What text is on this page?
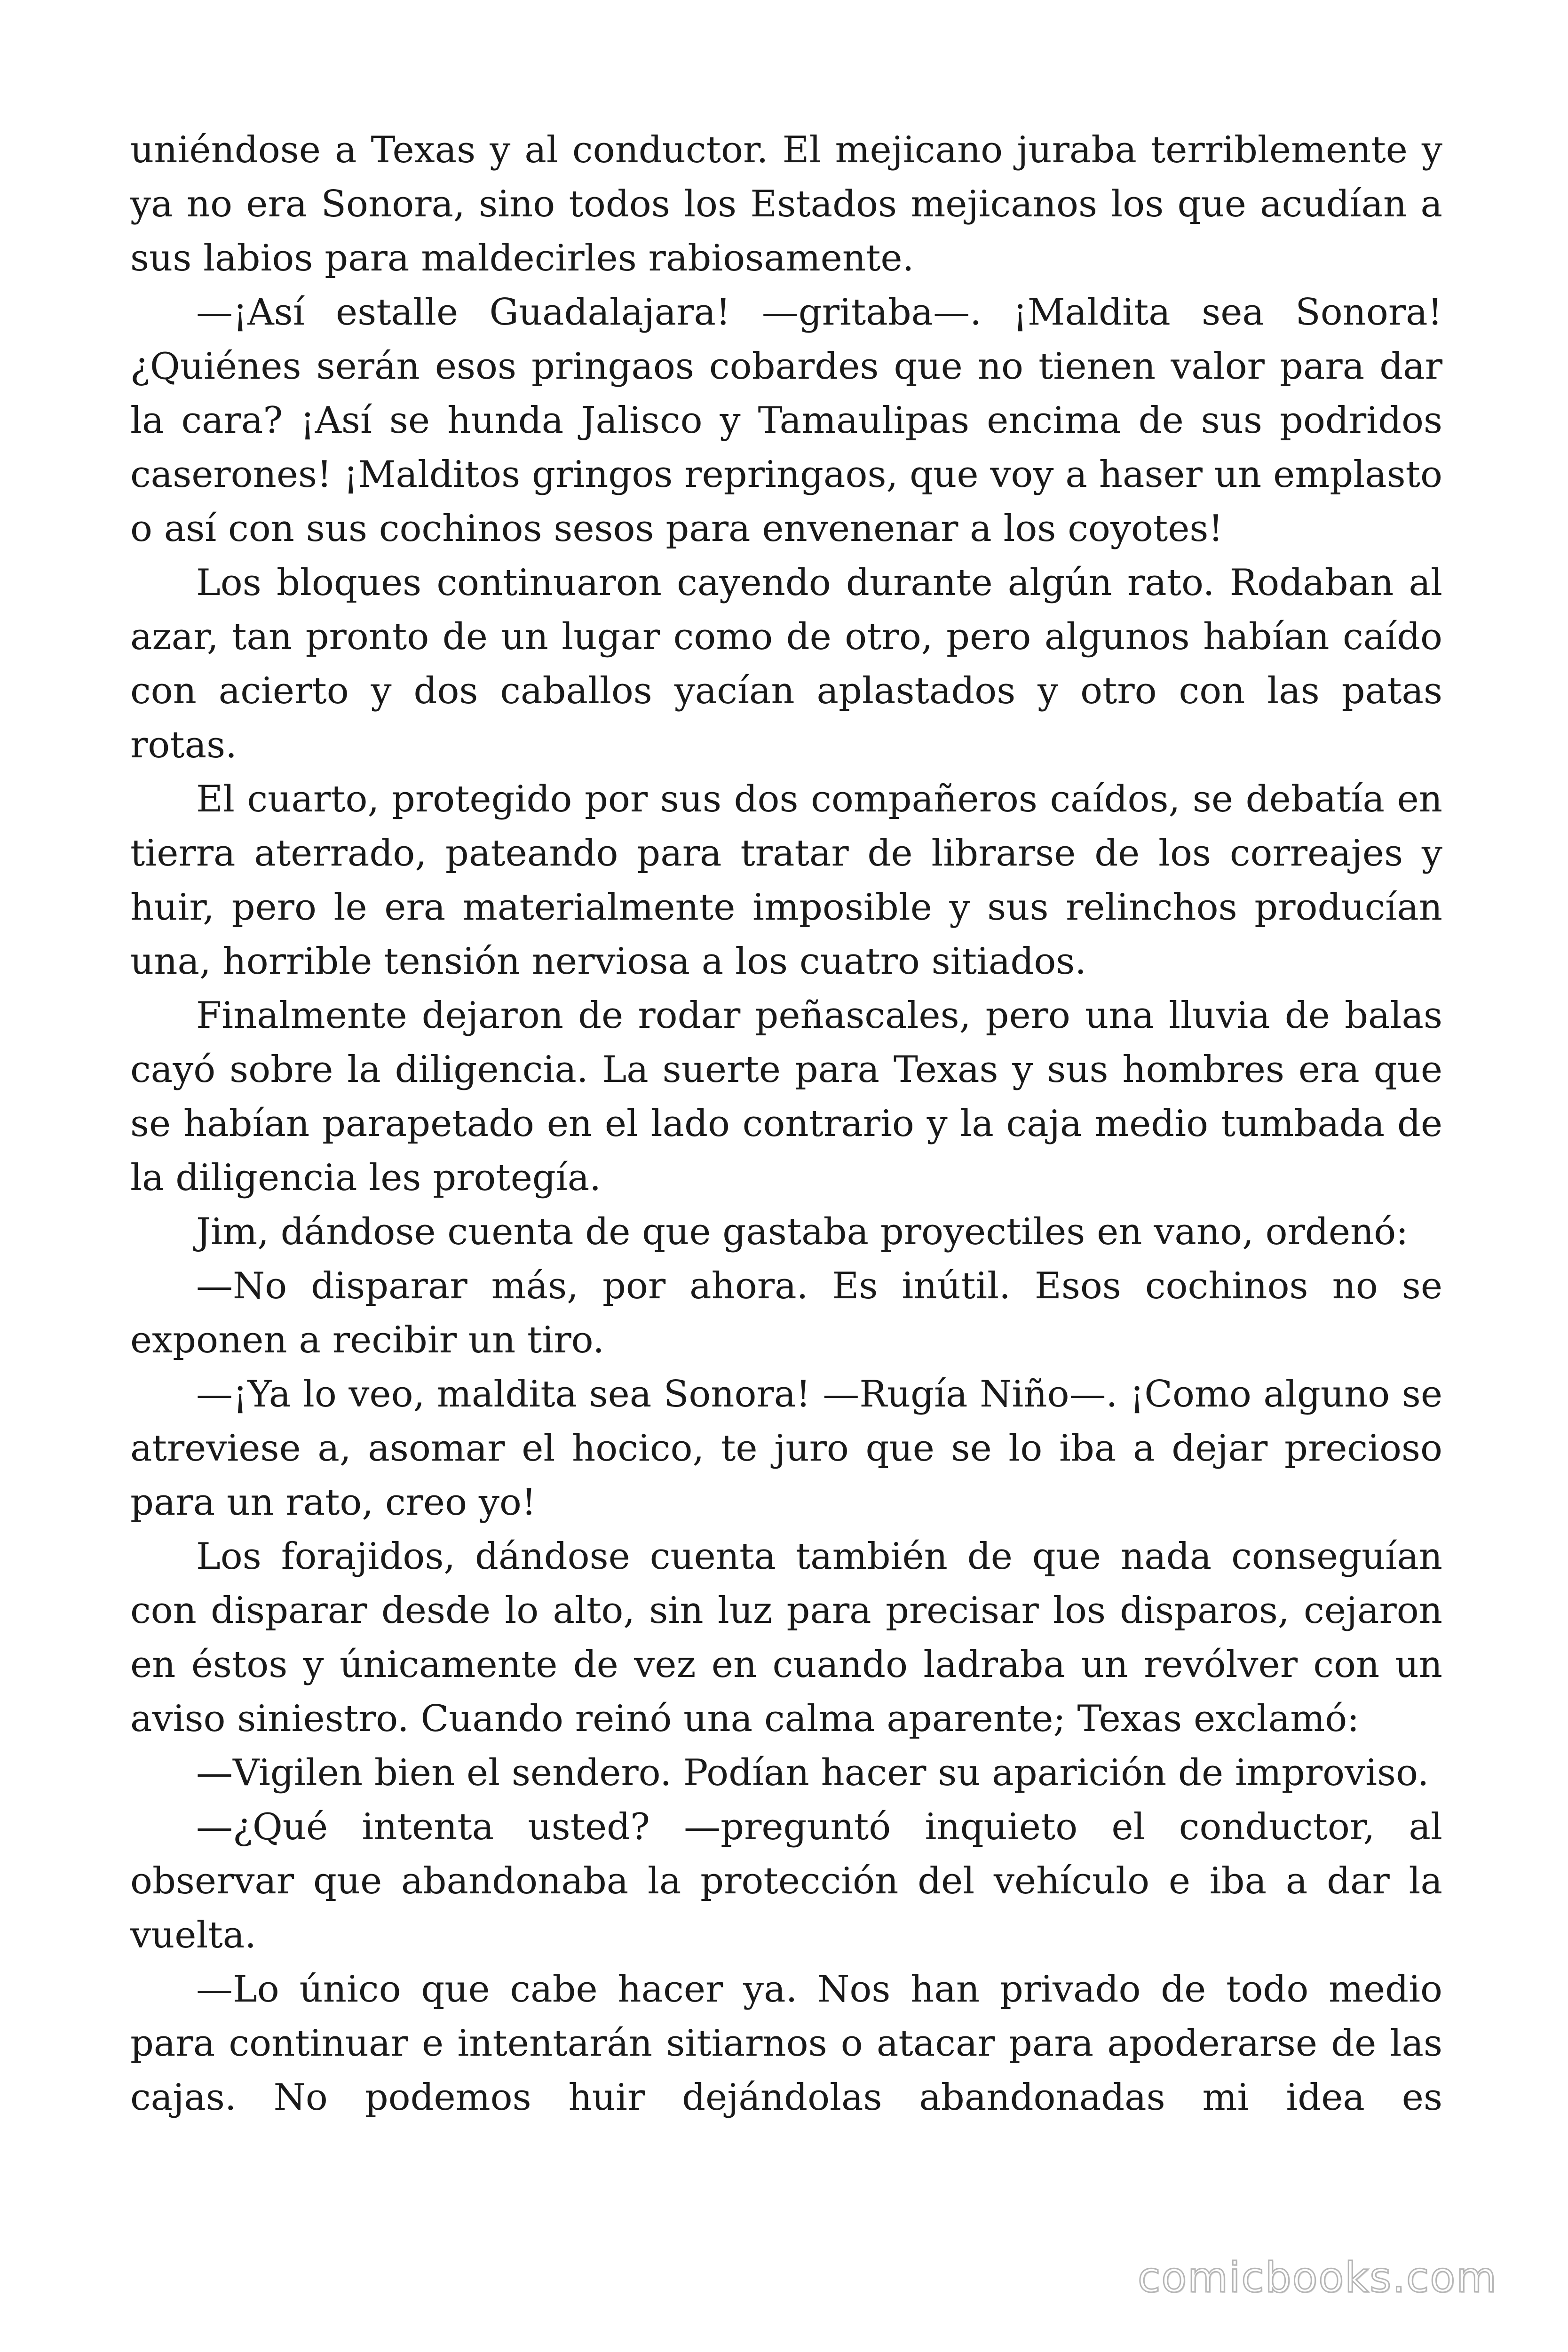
uniéndose a Texas y al conductor. El mejicano juraba terriblemente y ya no era Sonora, sino todos los Estados mejicanos los que acudían a sus labios para maldecirles rabiosamente.

—¡Así estalle Guadalajara! —gritaba—. ¡Maldita sea Sonora! ¿Quiénes serán esos pringaos cobardes que no tienen valor para dar la cara? ¡Así se hunda Jalisco y Tamaulipas encima de sus podridos caserones! ¡Malditos gringos repringaos, que voy a haser un emplasto o así con sus cochinos sesos para envenenar a los coyotes!

Los bloques continuaron cayendo durante algún rato. Rodaban al azar, tan pronto de un lugar como de otro, pero algunos habían caído con acierto y dos caballos yacían aplastados y otro con las patas rotas.

El cuarto, protegido por sus dos compañeros caídos, se debatía en tierra aterrado, pateando para tratar de librarse de los correajes y huir, pero le era materialmente imposible y sus relinchos producían una, horrible tensión nerviosa a los cuatro sitiados.

Finalmente dejaron de rodar peñascales, pero una lluvia de balas cayó sobre la diligencia. La suerte para Texas y sus hombres era que se habían parapetado en el lado contrario y la caja medio tumbada de la diligencia les protegía.

Jim, dándose cuenta de que gastaba proyectiles en vano, ordenó:

—No disparar más, por ahora. Es inútil. Esos cochinos no se exponen a recibir un tiro.

—¡Ya lo veo, maldita sea Sonora! —Rugía Niño—. ¡Como alguno se atreviese a, asomar el hocico, te juro que se lo iba a dejar precioso para un rato, creo yo!

Los forajidos, dándose cuenta también de que nada conseguían con disparar desde lo alto, sin luz para precisar los disparos, cejaron en éstos y únicamente de vez en cuando ladraba un revólver con un aviso siniestro. Cuando reinó una calma aparente; Texas exclamó:

—Vigilen bien el sendero. Podían hacer su aparición de improviso.

—¿Qué intenta usted? —preguntó inquieto el conductor, al observar que abandonaba la protección del vehículo e iba a dar la vuelta.

—Lo único que cabe hacer ya. Nos han privado de todo medio para continuar e intentarán sitiarnos o atacar para apoderarse de las cajas. No podemos huir dejándolas abandonadas mi idea es

comicbooks.com
